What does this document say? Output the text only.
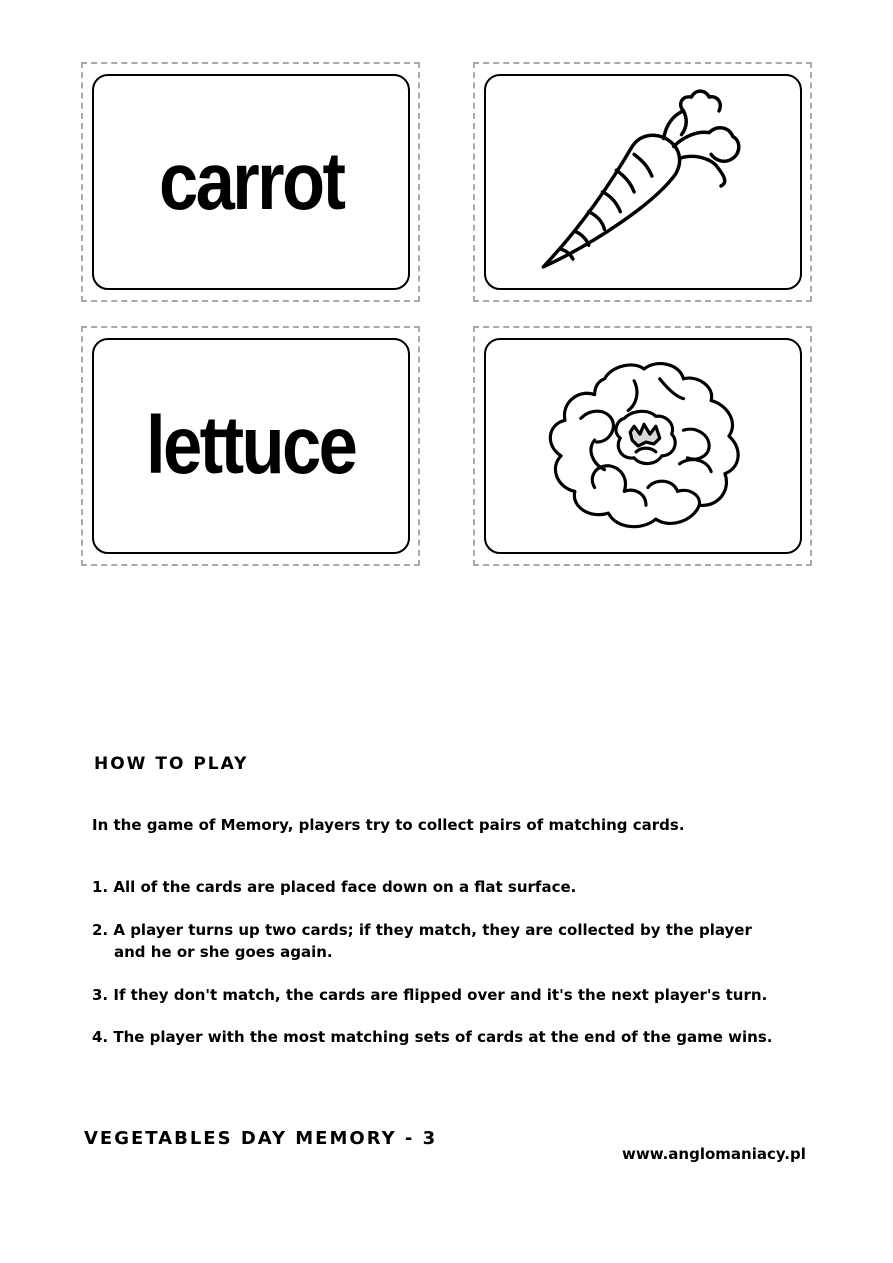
carrot
lettuce
HOW TO PLAY
In the game of Memory, players try to collect pairs of matching cards.
1. All of the cards are placed face down on a flat surface.
2. A player turns up two cards; if they match, they are collected by the player
and he or she goes again.
3. If they don't match, the cards are flipped over and it's the next player's turn.
4. The player with the most matching sets of cards at the end of the game wins.
VEGETABLES DAY MEMORY - 3
www.anglomaniacy.pl
